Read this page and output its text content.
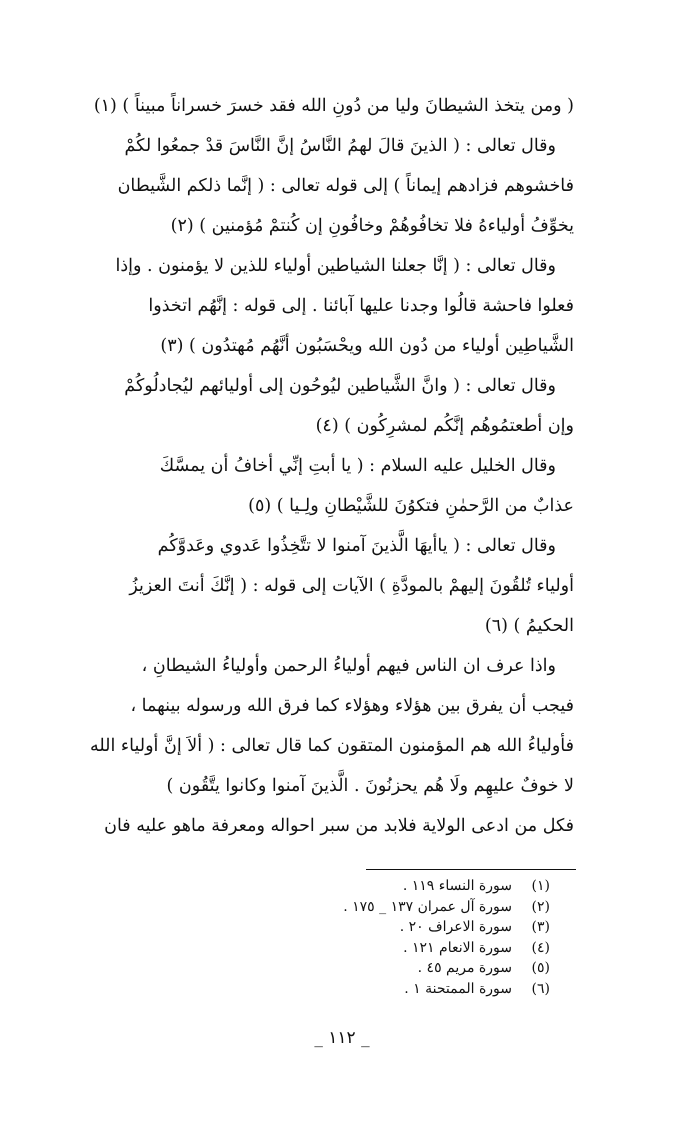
( ومن يتخذ الشيطانَ وليا من دُونِ الله فقد خسرَ خسراناً مبيناً ) (١)
وقال تعالى : ( الذينَ قالَ لهمُ النَّاسُ إنَّ النَّاسَ قدْ جمعُوا لكُمْ
فاخشوهم فزادهم إيماناً ) إلى قوله تعالى : ( إنَّما ذلكم الشَّيطان
يخوِّفُ أولياءهُ فلا تخافُوهُمْ وخافُونِ إن كُنتمْ مُؤمنين ) (٢)
وقال تعالى : ( إنَّا جعلنا الشياطين أولياء للذين لا يؤمنون . وإذا
فعلوا فاحشة قالُوا وجدنا عليها آبائنا . إلى قوله : إنَّهُم اتخذوا
الشَّياطِين أولياء من دُون الله ويحْسَبُون أنَّهُم مُهتدُون ) (٣)
وقال تعالى : ( وانَّ الشَّياطين ليُوحُون إلى أوليائهم ليُجادلُوكُمْ
وإن أطعتمُوهُم إنَّكُم لمشرِكُون ) (٤)
وقال الخليل عليه السلام : ( يا أبتِ إنِّي أخافُ أن يمسَّكَ
عذابٌ من الرَّحمٰنِ فتكوُنَ للشَّيْطانِ ولِـيا ) (٥)
وقال تعالى : ( ياأيهَا الَّذينَ آمنوا لا تتَّخِذُوا عَدوي وعَدوَّكُم
أولياء تُلقُونَ إليهمْ بالمودَّةِ ) الآيات إلى قوله : ( إنَّكَ أنتَ العزيزُ
الحكيمُ ) (٦)
واذا عرف ان الناس فيهم أولياءُ الرحمن وأولياءُ الشيطانِ ،
فيجب أن يفرق بين هؤلاء وهؤلاء كما فرق الله ورسوله بينهما ،
فأولياءُ الله هم المؤمنون المتقون كما قال تعالى : ( ألاَ إنَّ أولياء الله
لا خوفٌ عليهِم ولَا هُم يحزنُونَ . الَّذينَ آمنوا وكانوا يتَّقُون )
فكل من ادعى الولاية فلابد من سبر احواله ومعرفة ماهو عليه فان
(١)سورة النساء ١١٩ .
(٢)سورة آل عمران ١٣٧ _ ١٧٥ .
(٣)سورة الاعراف ٢٠ .
(٤)سورة الانعام ١٢١ .
(٥)سورة مريم ٤٥ .
(٦)سورة الممتحنة ١ .
_ ١١٢ _
